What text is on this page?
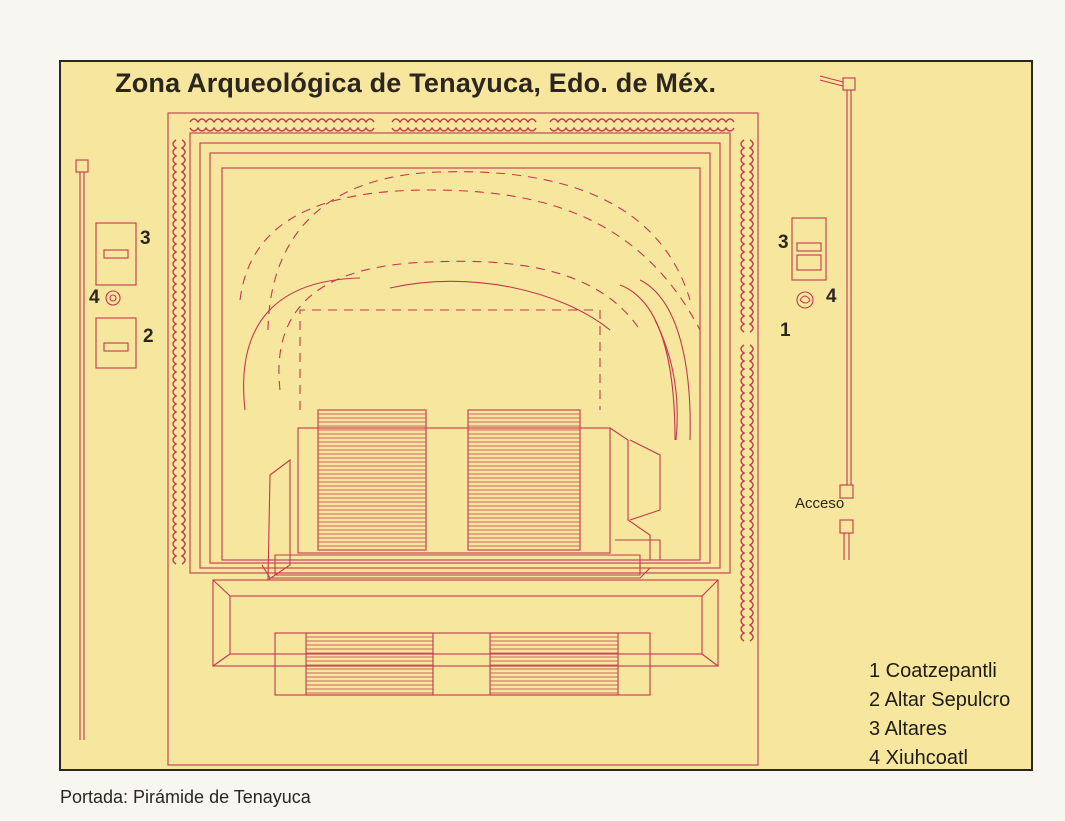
Zona Arqueológica de Tenayuca, Edo. de Méx.
3
4
2
3
4
1
Acceso
1 Coatzepantli
2 Altar Sepulcro
3 Altares
4 Xiuhcoatl
Portada: Pirámide de Tenayuca
